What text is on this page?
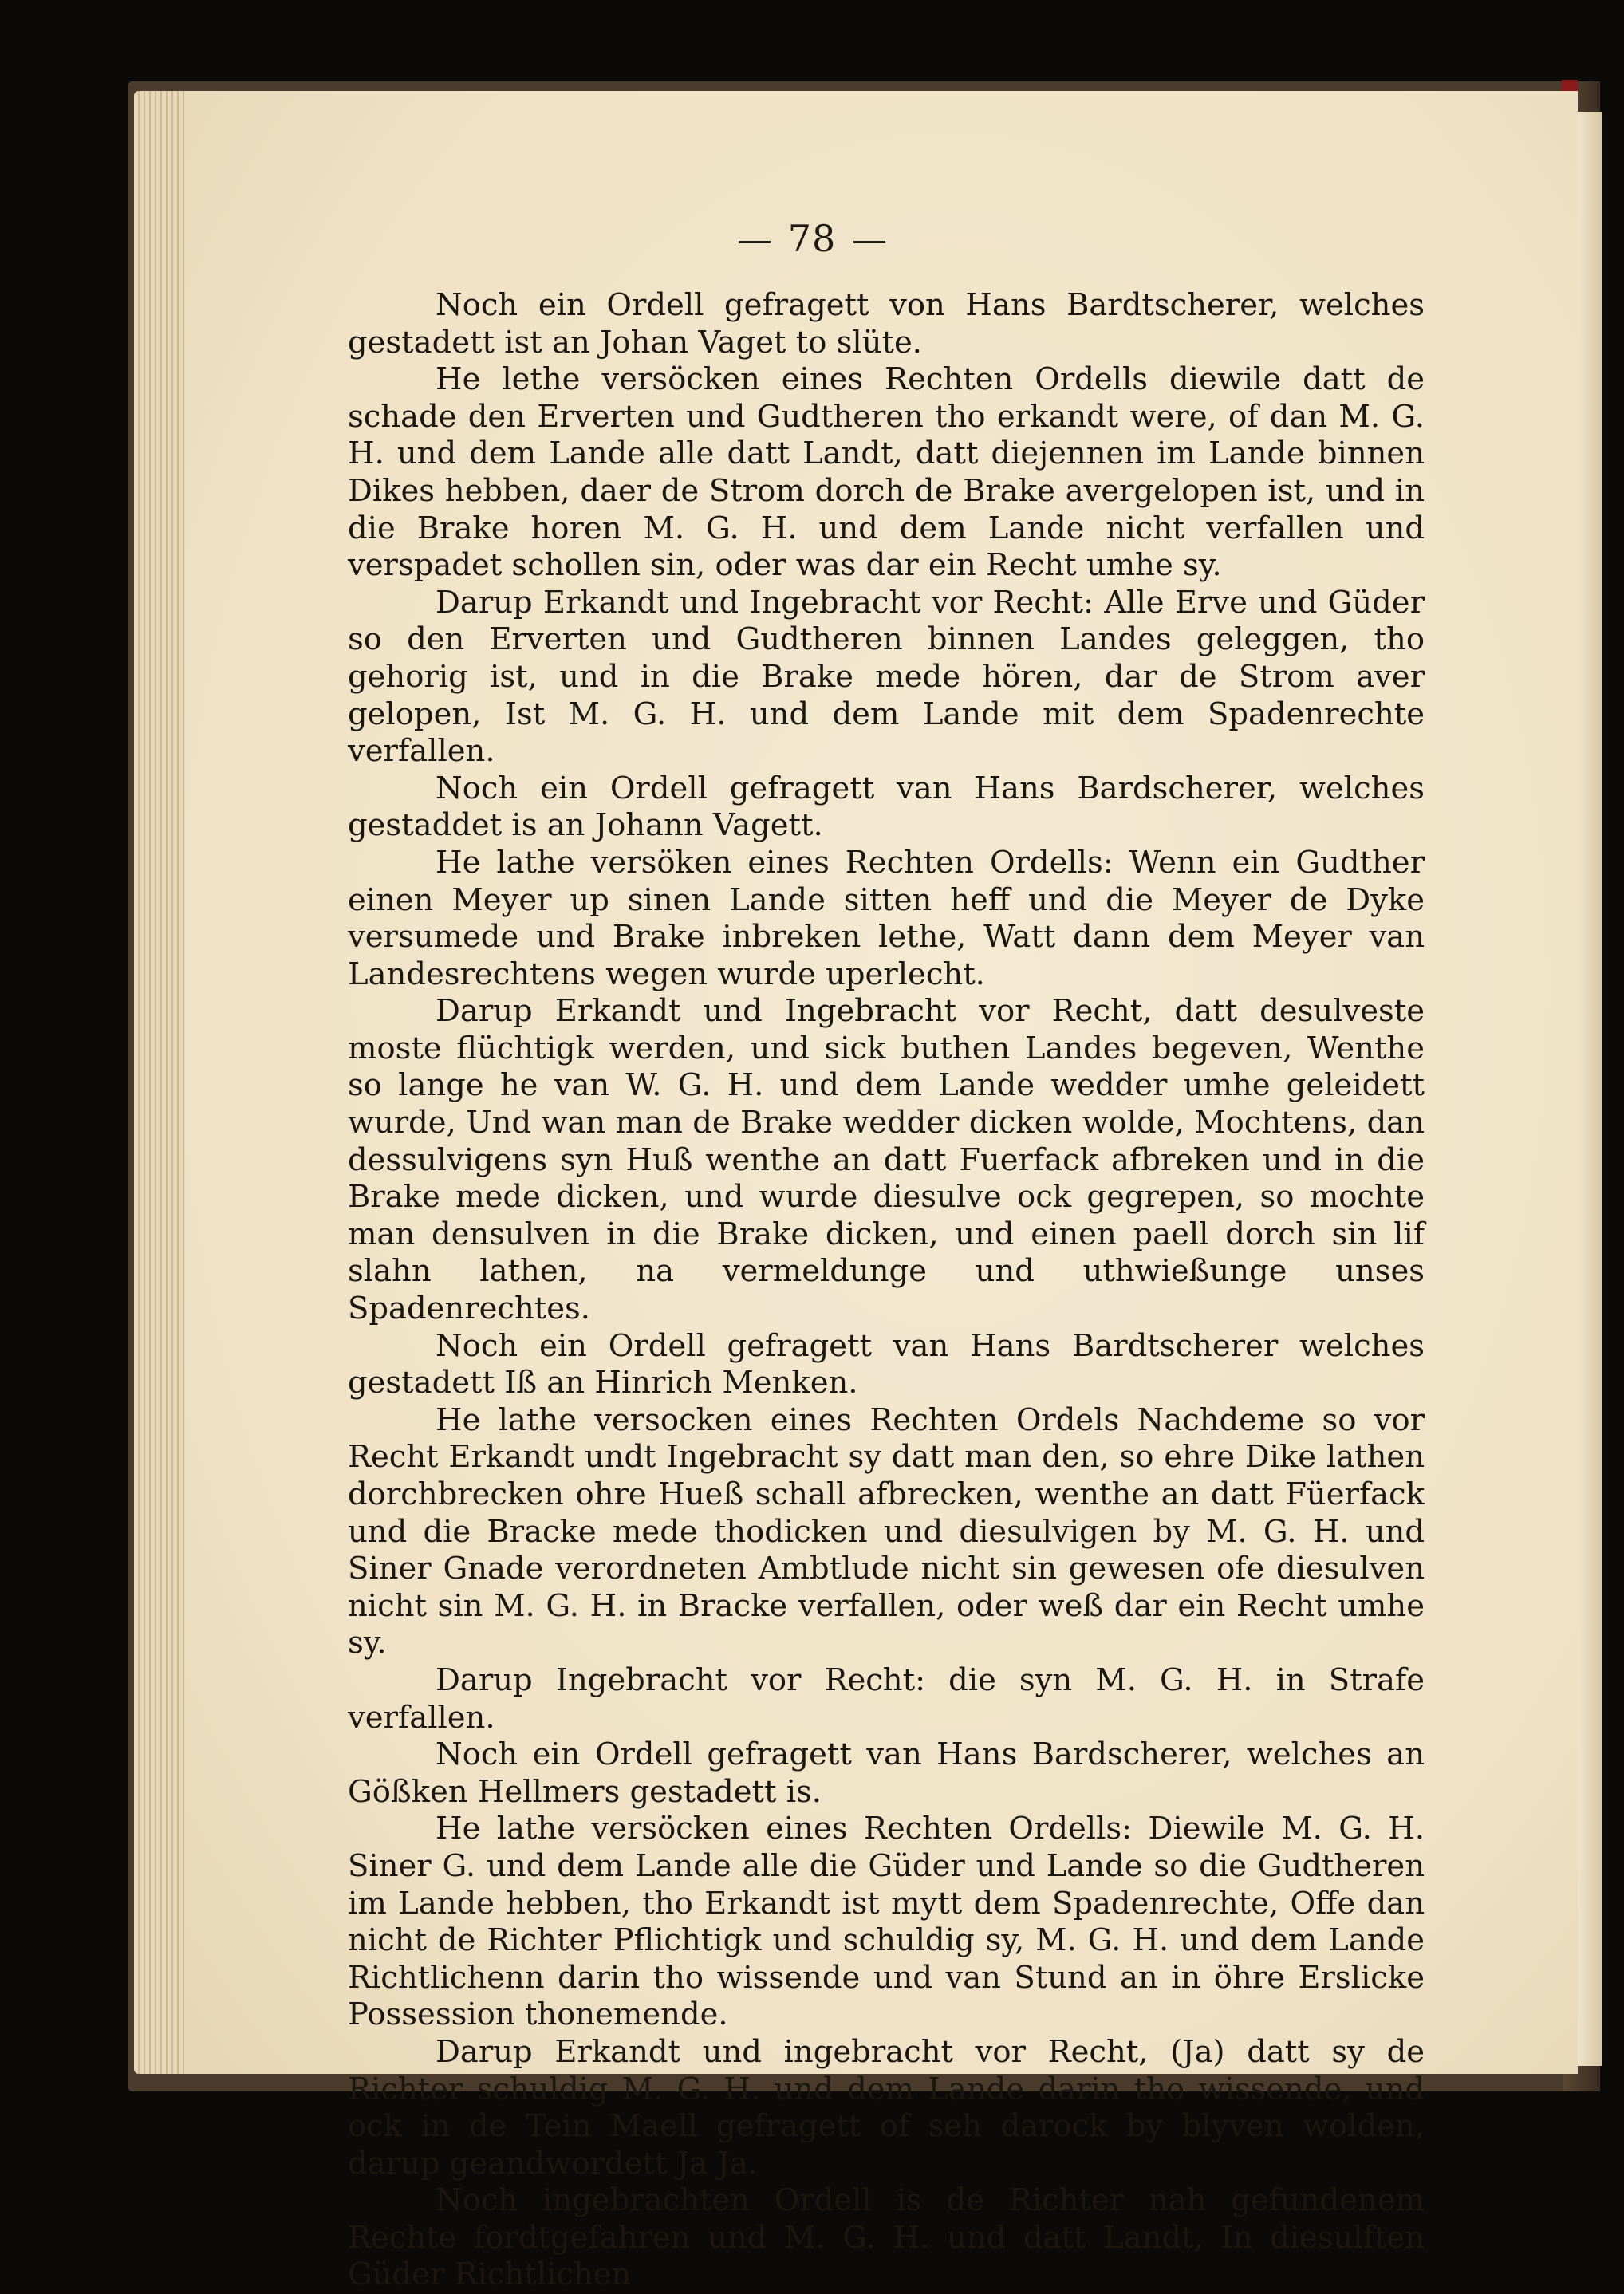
78

Noch ein Ordell gefragett von Hans Bardtscherer, welches gestadett ist an Johan Vaget to slüte.

He lethe versöcken eines Rechten Ordells diewile datt de schade den Erverten und Gudtheren tho erkandt were, of dan M. G. H. und dem Lande alle datt Landt, datt diejennen im Lande binnen Dikes hebben, daer de Strom dorch de Brake avergelopen ist, und in die Brake horen M. G. H. und dem Lande nicht verfallen und verspadet schollen sin, oder was dar ein Recht umhe sy.

Darup Erkandt und Ingebracht vor Recht: Alle Erve und Güder so den Erverten und Gudtheren binnen Landes geleggen, tho gehorig ist, und in die Brake mede hören, dar de Strom aver gelopen, Ist M. G. H. und dem Lande mit dem Spadenrechte verfallen.

Noch ein Ordell gefragett van Hans Bardscherer, welches gestaddet is an Johann Vagett.

He lathe versöken eines Rechten Ordells: Wenn ein Gudther einen Meyer up sinen Lande sitten heff und die Meyer de Dyke versumede und Brake inbreken lethe, Watt dann dem Meyer van Landesrechtens wegen wurde uperlecht.

Darup Erkandt und Ingebracht vor Recht, datt desulveste moste flüchtigk werden, und sick buthen Landes begeven, Wenthe so lange he van W. G. H. und dem Lande wedder umhe geleidett wurde, Und wan man de Brake wedder dicken wolde, Mochtens, dan dessulvigens syn Huß wenthe an datt Fuerfack afbreken und in die Brake mede dicken, und wurde diesulve ock gegrepen, so mochte man densulven in die Brake dicken, und einen paell dorch sin lif slahn lathen, na vermeldunge und uthwießunge unses Spadenrechtes.

Noch ein Ordell gefragett van Hans Bardtscherer welches gestadett Iß an Hinrich Menken.

He lathe versocken eines Rechten Ordels Nachdeme so vor Recht Erkandt undt Ingebracht sy datt man den, so ehre Dike lathen dorchbrecken ohre Hueß schall afbrecken, wenthe an datt Füerfack und die Bracke mede thodicken und diesulvigen by M. G. H. und Siner Gnade verordneten Ambtlude nicht sin gewesen ofe diesulven nicht sin M. G. H. in Bracke verfallen, oder weß dar ein Recht umhe sy.

Darup Ingebracht vor Recht: die syn M. G. H. in Strafe verfallen.

Noch ein Ordell gefragett van Hans Bardscherer, welches an Gößken Hellmers gestadett is.

He lathe versöcken eines Rechten Ordells: Diewile M. G. H. Siner G. und dem Lande alle die Güder und Lande so die Gudtheren im Lande hebben, tho Erkandt ist mytt dem Spadenrechte, Offe dan nicht de Richter Pflichtigk und schuldig sy, M. G. H. und dem Lande Richtlichenn darin tho wissende und van Stund an in öhre Erslicke Possession thonemende.

Darup Erkandt und ingebracht vor Recht, (Ja) datt sy de Richter schuldig M. G. H. und dem Lande darin tho wissende, und ock in de Tein Maell gefragett of seh darock by blyven wolden, darup geandwordett Ja Ja.

Noch ingebrachten Ordell is de Richter nah gefundenem Rechte fordtgefahren und M. G. H. und datt Landt, In diesulften Güder Richtlichen
